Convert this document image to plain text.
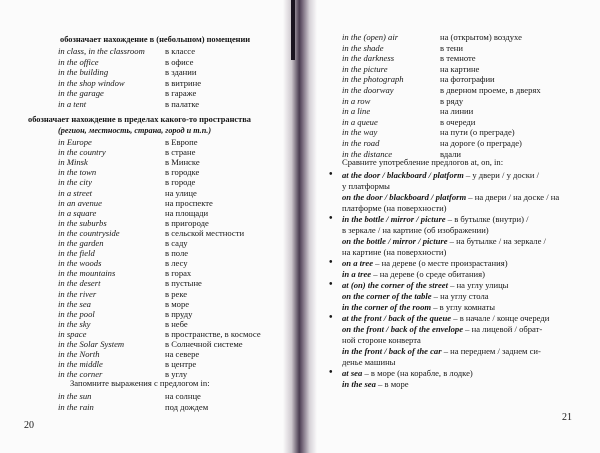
обозначает нахождение в (небольшом) помещении
in class, in the classroom в классе
in the office	в офисе
in the building	в здании
in the shop window	в витрине
in the garage	в гараже
in a tent	в палатке
обозначает нахождение в пределах какого-то пространства
(регион, местность, страна, город и т.п.)
in Europe	в Европе
in the country	в стране
in Minsk	в Минске
in the town	в городке
in the city	в городе
in a street	на улице
in an avenue	на проспекте
in a square	на площади
in the suburbs	в пригороде
in the countryside	в сельской местности
in the garden	в саду
in the field	в поле
in the woods	в лесу
in the mountains	в горах
in the desert	в пустыне
in the river	в реке
in the sea	в море
in the pool	в пруду
in the sky	в небе
in space	в пространстве, в космосе
in the Solar System	в Солнечной системе
in the North	на севере
in the middle	в центре
in the corner	в углу
Запомните выражения с предлогом in:
in the sun	на солнце
in the rain	под дождем
20
in the (open) air	на (открытом) воздухе
in the shade	в тени
in the darkness	в темноте
in the picture	на картине
in the photograph	на фотографии
in the doorway	в дверном проеме, в дверях
in a row	в ряду
in a line	на линии
in a queue	в очереди
in the way	на пути (о преграде)
in the road	на дороге (о преграде)
in the distance	вдали
Сравните употребление предлогов at, on, in:
• at the door / blackboard / platform – у двери / у доски /
у платформы
on the door / blackboard / platform – на двери / на доске / на
платформе (на поверхности)
• in the bottle / mirror / picture – в бутылке (внутри) /
в зеркале / на картине (об изображении)
on the bottle / mirror / picture – на бутылке / на зеркале /
на картине (на поверхности)
• on a tree – на дереве (о месте произрастания)
in a tree – на дереве (о среде обитания)
• at (on) the corner of the street – на углу улицы
on the corner of the table – на углу стола
in the corner of the room – в углу комнаты
• at the front / back of the queue – в начале / конце очереди
on the front / back of the envelope – на лицевой / обрат-
ной стороне конверта
in the front / back of the car – на переднем / заднем си-
денье машины
• at sea – в море (на корабле, в лодке)
in the sea – в море
21
